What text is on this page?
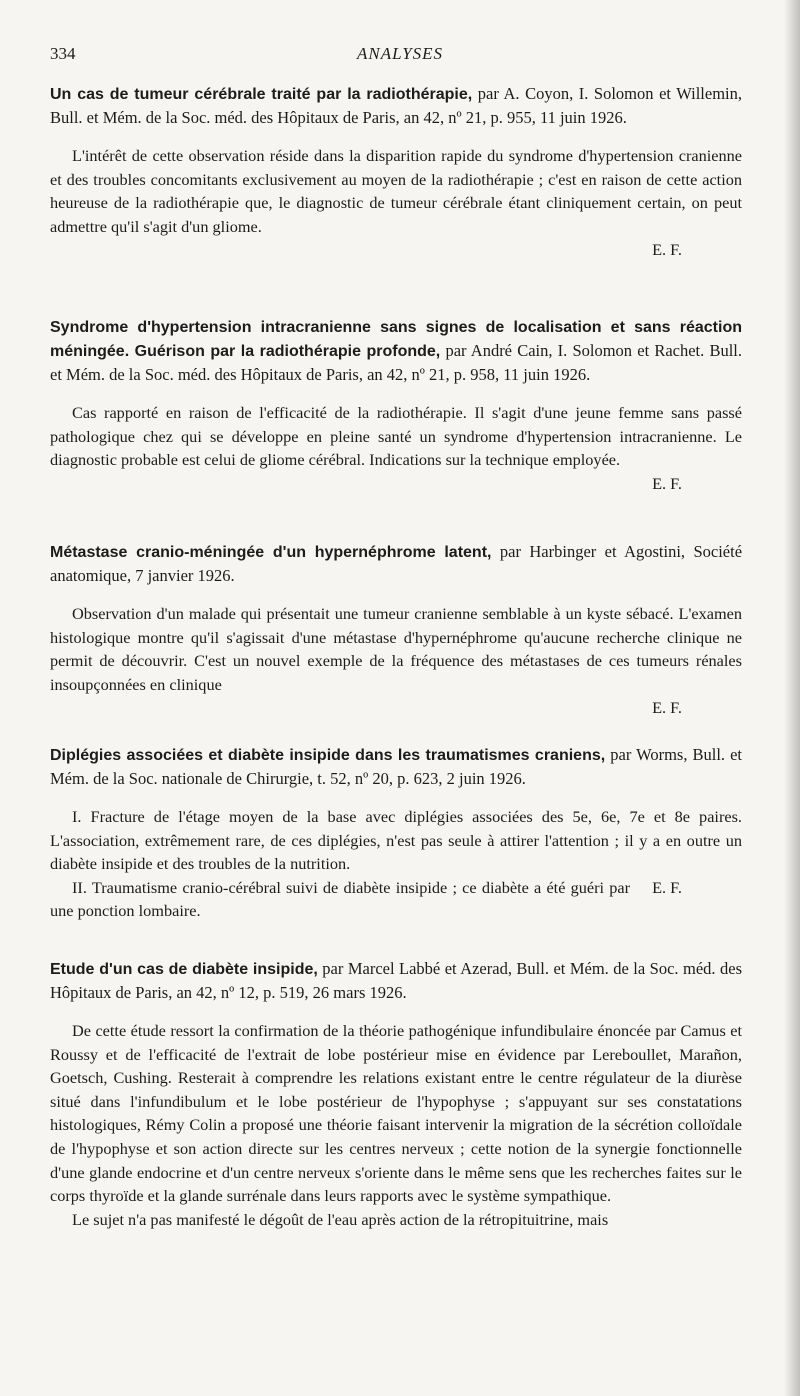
334	ANALYSES
Un cas de tumeur cérébrale traité par la radiothérapie, par A. Coyon, I. Solomon et Willemin, Bull. et Mém. de la Soc. méd. des Hôpitaux de Paris, an 42, nº 21, p. 955, 11 juin 1926.

L'intérêt de cette observation réside dans la disparition rapide du syndrome d'hypertension cranienne et des troubles concomitants exclusivement au moyen de la radiothérapie ; c'est en raison de cette action heureuse de la radiothérapie que, le diagnostic de tumeur cérébrale étant cliniquement certain, on peut admettre qu'il s'agit d'un gliome.

E. F.
Syndrome d'hypertension intracranienne sans signes de localisation et sans réaction méningée. Guérison par la radiothérapie profonde, par André Cain, I. Solomon et Rachet. Bull. et Mém. de la Soc. méd. des Hôpitaux de Paris, an 42, nº 21, p. 958, 11 juin 1926.

Cas rapporté en raison de l'efficacité de la radiothérapie. Il s'agit d'une jeune femme sans passé pathologique chez qui se développe en pleine santé un syndrome d'hypertension intracranienne. Le diagnostic probable est celui de gliome cérébral. Indications sur la technique employée.

E. F.
Métastase cranio-méningée d'un hypernéphrome latent, par Harbinger et Agostini, Société anatomique, 7 janvier 1926.

Observation d'un malade qui présentait une tumeur cranienne semblable à un kyste sébacé. L'examen histologique montre qu'il s'agissait d'une métastase d'hypernéphrome qu'aucune recherche clinique ne permit de découvrir. C'est un nouvel exemple de la fréquence des métastases de ces tumeurs rénales insoupçonnées en clinique

E. F.
Diplégies associées et diabète insipide dans les traumatismes craniens, par Worms, Bull. et Mém. de la Soc. nationale de Chirurgie, t. 52, nº 20, p. 623, 2 juin 1926.

I. Fracture de l'étage moyen de la base avec diplégies associées des 5e, 6e, 7e et 8e paires. L'association, extrêmement rare, de ces diplégies, n'est pas seule à attirer l'attention ; il y a en outre un diabète insipide et des troubles de la nutrition.

E. F.
II. Traumatisme cranio-cérébral suivi de diabète insipide ; ce diabète a été guéri par une ponction lombaire.

Etude d'un cas de diabète insipide, par Marcel Labbé et Azerad, Bull. et Mém. de la Soc. méd. des Hôpitaux de Paris, an 42, nº 12, p. 519, 26 mars 1926.

De cette étude ressort la confirmation de la théorie pathogénique infundibulaire énoncée par Camus et Roussy et de l'efficacité de l'extrait de lobe postérieur mise en évidence par Lereboullet, Marañon, Goetsch, Cushing. Resterait à comprendre les relations existant entre le centre régulateur de la diurèse situé dans l'infundibulum et le lobe postérieur de l'hypophyse ; s'appuyant sur ses constatations histologiques, Rémy Colin a proposé une théorie faisant intervenir la migration de la sécrétion colloïdale de l'hypophyse et son action directe sur les centres nerveux ; cette notion de la synergie fonctionnelle d'une glande endocrine et d'un centre nerveux s'oriente dans le même sens que les recherches faites sur le corps thyroïde et la glande surrénale dans leurs rapports avec le système sympathique.

Le sujet n'a pas manifesté le dégoût de l'eau après action de la rétropituitrine, mais
